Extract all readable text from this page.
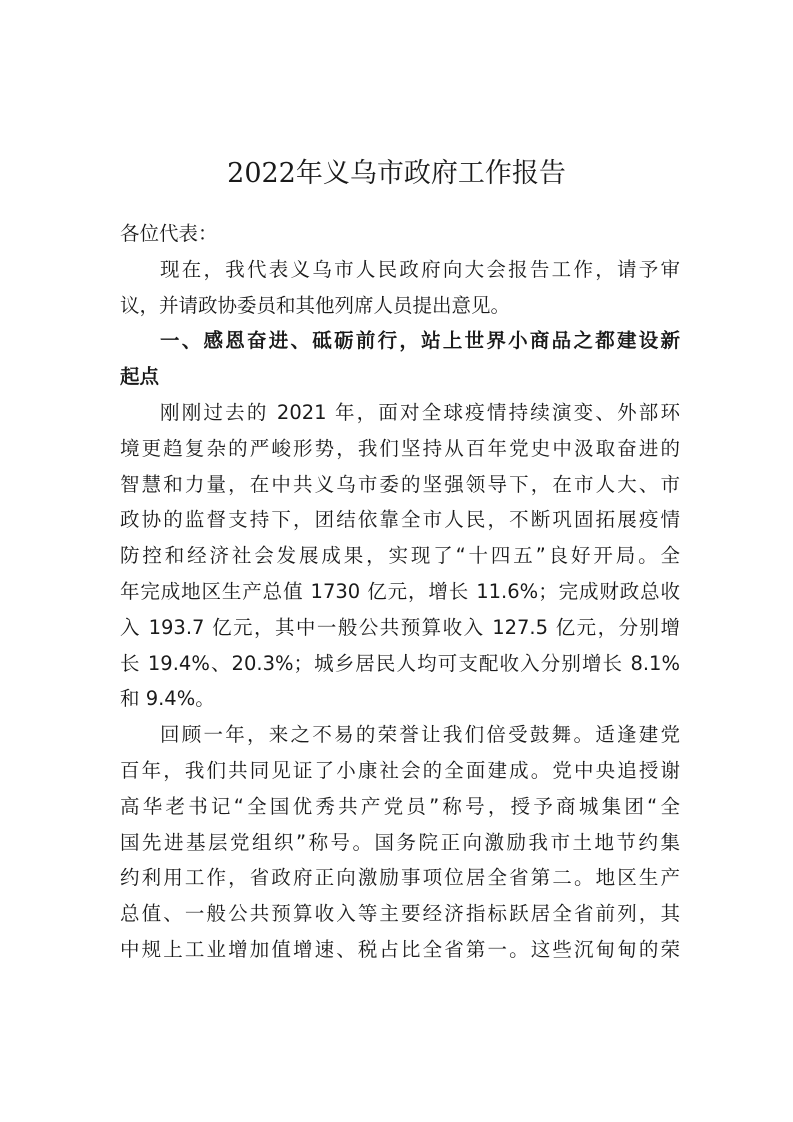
2022年义乌市政府工作报告
各位代表：
现在，我代表义乌市人民政府向大会报告工作，请予审
议，并请政协委员和其他列席人员提出意见。
一、感恩奋进、砥砺前行，站上世界小商品之都建设新
起点
刚刚过去的 2021 年，面对全球疫情持续演变、外部环
境更趋复杂的严峻形势，我们坚持从百年党史中汲取奋进的
智慧和力量，在中共义乌市委的坚强领导下，在市人大、市
政协的监督支持下，团结依靠全市人民，不断巩固拓展疫情
防控和经济社会发展成果，实现了“十四五”良好开局。全
年完成地区生产总值 1730 亿元，增长 11.6%；完成财政总收
入 193.7 亿元，其中一般公共预算收入 127.5 亿元，分别增
长 19.4%、20.3%；城乡居民人均可支配收入分别增长 8.1%
和 9.4%。
回顾一年，来之不易的荣誉让我们倍受鼓舞。适逢建党
百年，我们共同见证了小康社会的全面建成。党中央追授谢
高华老书记“全国优秀共产党员”称号，授予商城集团“全
国先进基层党组织”称号。国务院正向激励我市土地节约集
约利用工作，省政府正向激励事项位居全省第二。地区生产
总值、一般公共预算收入等主要经济指标跃居全省前列，其
中规上工业增加值增速、税占比全省第一。这些沉甸甸的荣
